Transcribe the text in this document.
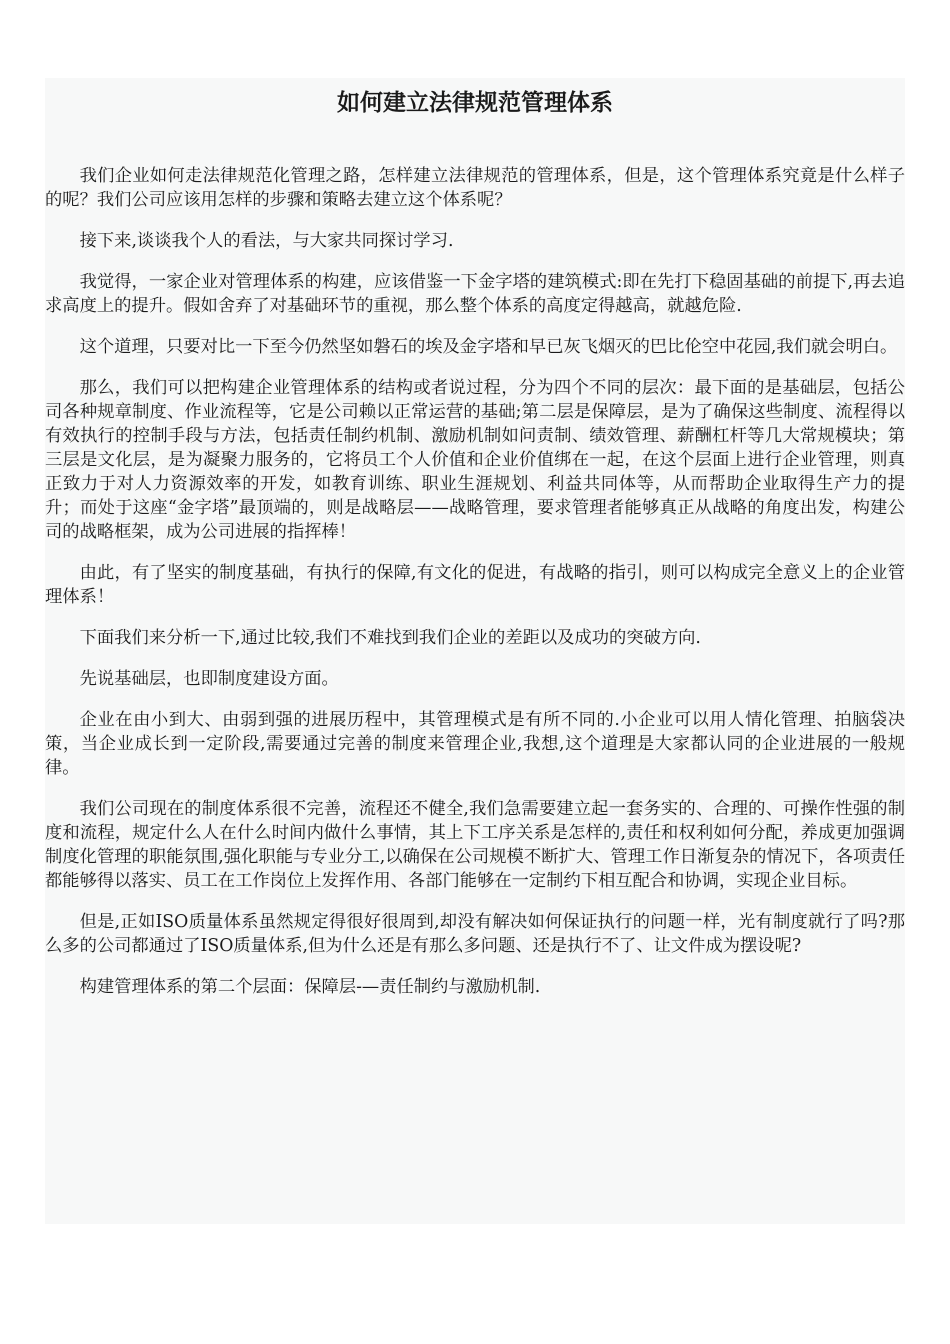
如何建立法律规范管理体系

我们企业如何走法律规范化管理之路，怎样建立法律规范的管理体系，但是，这个管理体系究竟是什么样子的呢？我们公司应该用怎样的步骤和策略去建立这个体系呢？

接下来,谈谈我个人的看法，与大家共同探讨学习.

我觉得，一家企业对管理体系的构建，应该借鉴一下金字塔的建筑模式:即在先打下稳固基础的前提下,再去追求高度上的提升。假如舍弃了对基础环节的重视，那么整个体系的高度定得越高，就越危险.

这个道理，只要对比一下至今仍然坚如磐石的埃及金字塔和早已灰飞烟灭的巴比伦空中花园,我们就会明白。

那么，我们可以把构建企业管理体系的结构或者说过程，分为四个不同的层次：最下面的是基础层，包括公司各种规章制度、作业流程等，它是公司赖以正常运营的基础;第二层是保障层，是为了确保这些制度、流程得以有效执行的控制手段与方法，包括责任制约机制、激励机制如问责制、绩效管理、薪酬杠杆等几大常规模块；第三层是文化层，是为凝聚力服务的，它将员工个人价值和企业价值绑在一起，在这个层面上进行企业管理，则真正致力于对人力资源效率的开发，如教育训练、职业生涯规划、利益共同体等，从而帮助企业取得生产力的提升；而处于这座“金字塔”最顶端的，则是战略层——战略管理，要求管理者能够真正从战略的角度出发，构建公司的战略框架，成为公司进展的指挥棒！

由此，有了坚实的制度基础，有执行的保障,有文化的促进，有战略的指引，则可以构成完全意义上的企业管理体系！

下面我们来分析一下,通过比较,我们不难找到我们企业的差距以及成功的突破方向.

先说基础层，也即制度建设方面。

企业在由小到大、由弱到强的进展历程中，其管理模式是有所不同的.小企业可以用人情化管理、拍脑袋决策，当企业成长到一定阶段,需要通过完善的制度来管理企业,我想,这个道理是大家都认同的企业进展的一般规律。

我们公司现在的制度体系很不完善，流程还不健全,我们急需要建立起一套务实的、合理的、可操作性强的制度和流程，规定什么人在什么时间内做什么事情，其上下工序关系是怎样的,责任和权利如何分配，养成更加强调制度化管理的职能氛围,强化职能与专业分工,以确保在公司规模不断扩大、管理工作日渐复杂的情况下，各项责任都能够得以落实、员工在工作岗位上发挥作用、各部门能够在一定制约下相互配合和协调，实现企业目标。

但是,正如ISO质量体系虽然规定得很好很周到,却没有解决如何保证执行的问题一样，光有制度就行了吗?那么多的公司都通过了ISO质量体系,但为什么还是有那么多问题、还是执行不了、让文件成为摆设呢?

构建管理体系的第二个层面：保障层-—责任制约与激励机制.
